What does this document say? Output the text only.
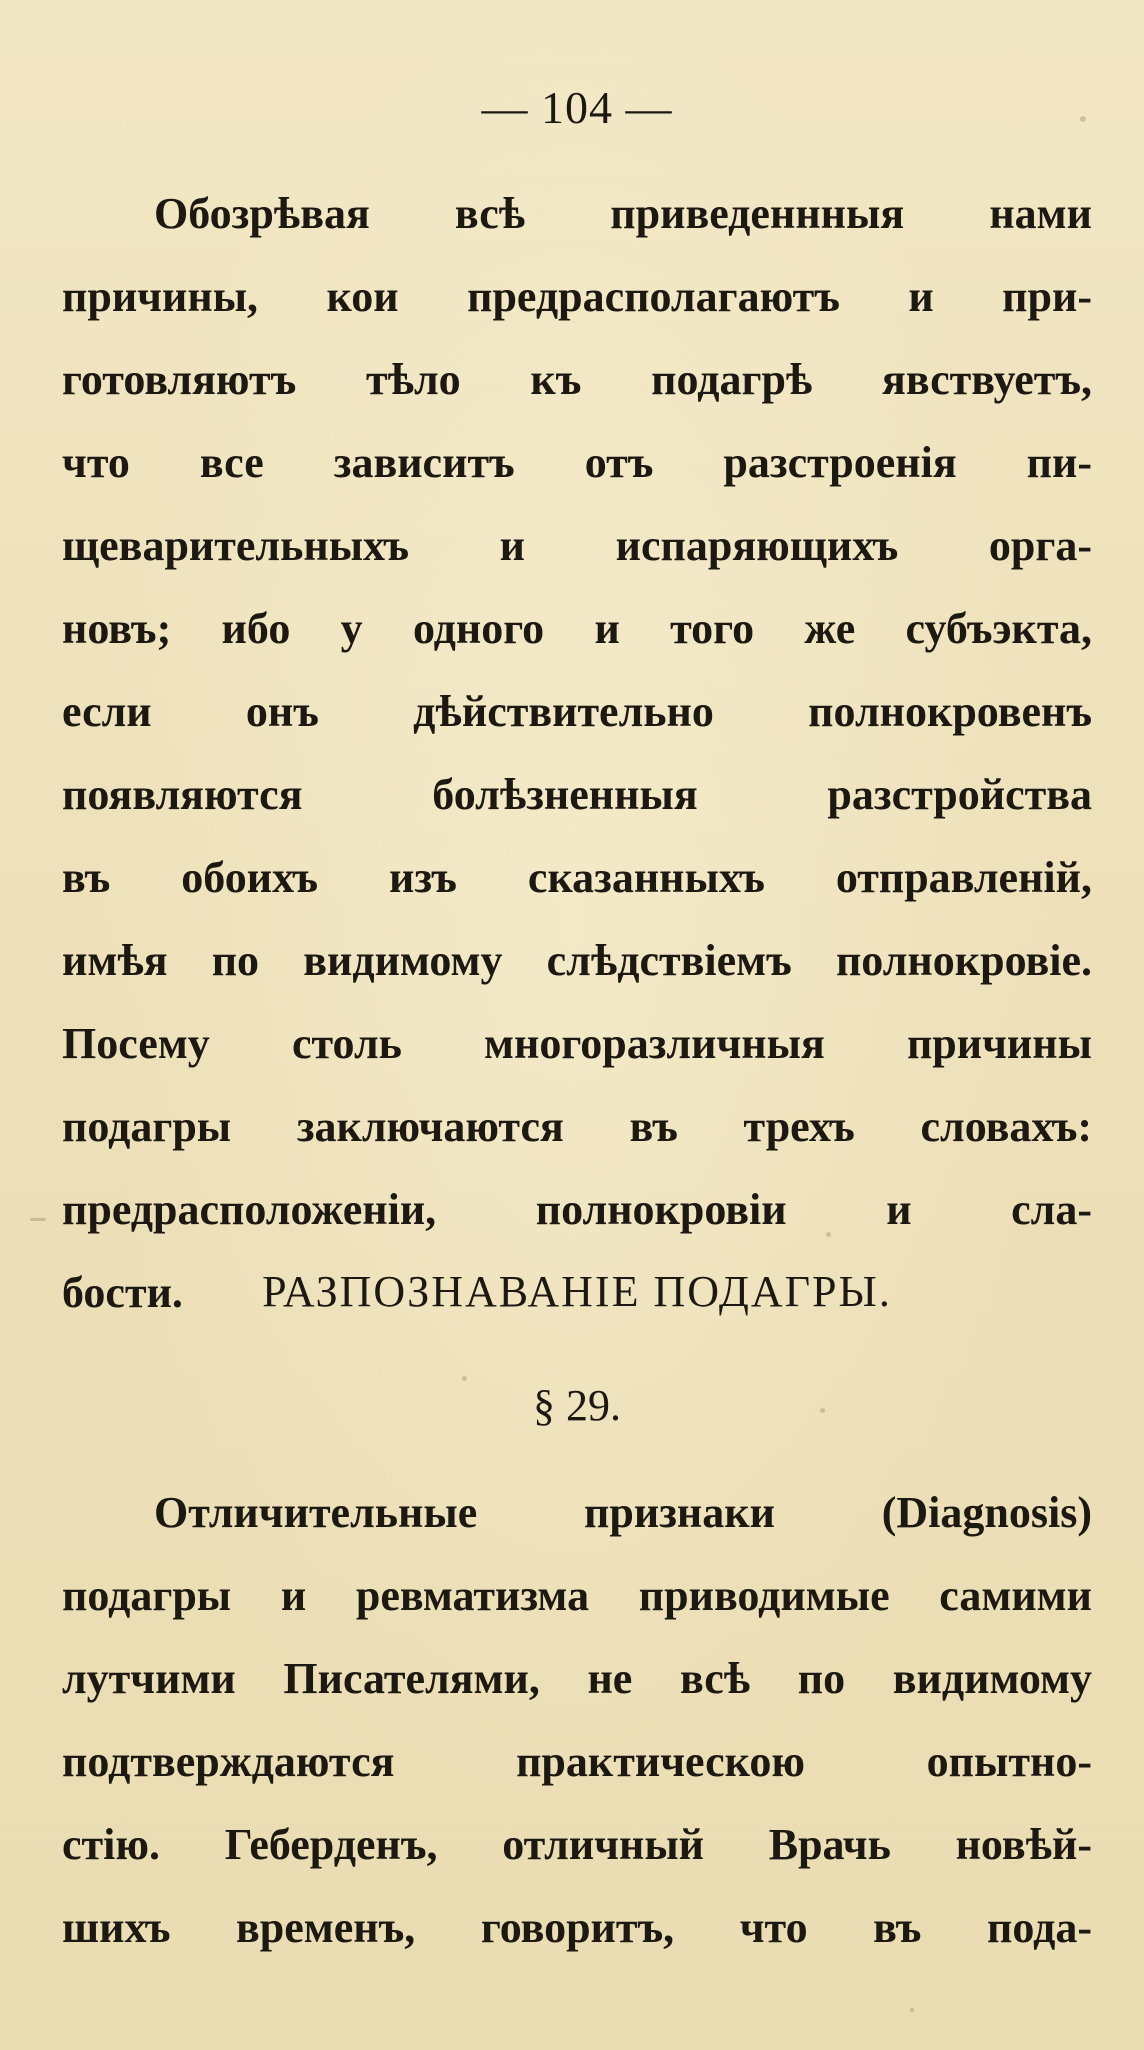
— 104 —
Обозрѣвая всѣ приведеннныя нами
причины, кои предрасполагаютъ и при-
готовляютъ тѣло къ подагрѣ явствуетъ,
что все зависитъ отъ разстроенія пи-
щеварительныхъ и испаряющихъ орга-
новъ; ибо у одного и того же субъэкта,
если онъ дѣйствительно полнокровенъ
появляются болѣзненныя разстройства
въ обоихъ изъ сказанныхъ отправленій,
имѣя по видимому слѣдствіемъ полнокровіе.
Посему столь многоразличныя причины
подагры заключаются въ трехъ словахъ:
предрасположеніи, полнокровіи и сла-
бости.	РАЗПОЗНАВАНІЕ ПОДАГРЫ.
§ 29.
Отличительные признаки (Diagnosis)
подагры и ревматизма приводимые самими
лутчими Писателями, не всѣ по видимому
подтверждаются практическою опытно-
стію. Геберденъ, отличный Врачь новѣй-
шихъ временъ, говоритъ, что въ пода-
